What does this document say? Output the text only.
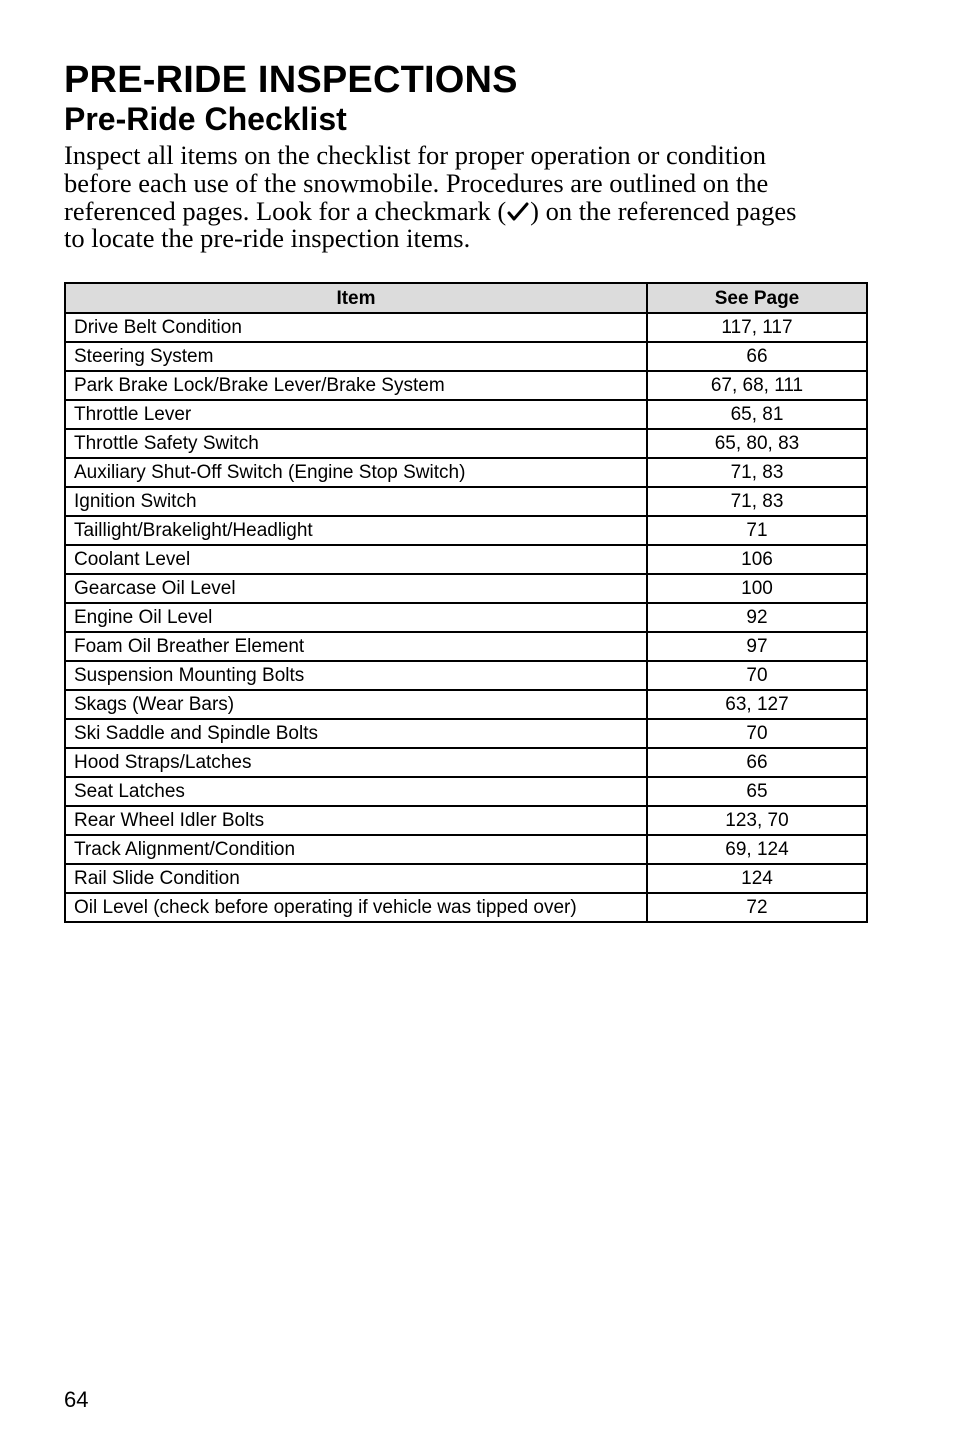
PRE-RIDE INSPECTIONS
Pre-Ride Checklist

Inspect all items on the checklist for proper operation or condition
before each use of the snowmobile. Procedures are outlined on the
referenced pages. Look for a checkmark ( ) on the referenced pages
to locate the pre-ride inspection items.

Item	See Page
Drive Belt Condition	117, 117
Steering System	66
Park Brake Lock/Brake Lever/Brake System	67, 68, 111
Throttle Lever	65, 81
Throttle Safety Switch	65, 80, 83
Auxiliary Shut-Off Switch (Engine Stop Switch)	71, 83
Ignition Switch	71, 83
Taillight/Brakelight/Headlight	71
Coolant Level	106
Gearcase Oil Level	100
Engine Oil Level	92
Foam Oil Breather Element	97
Suspension Mounting Bolts	70
Skags (Wear Bars)	63, 127
Ski Saddle and Spindle Bolts	70
Hood Straps/Latches	66
Seat Latches	65
Rear Wheel Idler Bolts	123, 70
Track Alignment/Condition	69, 124
Rail Slide Condition	124
Oil Level (check before operating if vehicle was tipped over)	72
64
